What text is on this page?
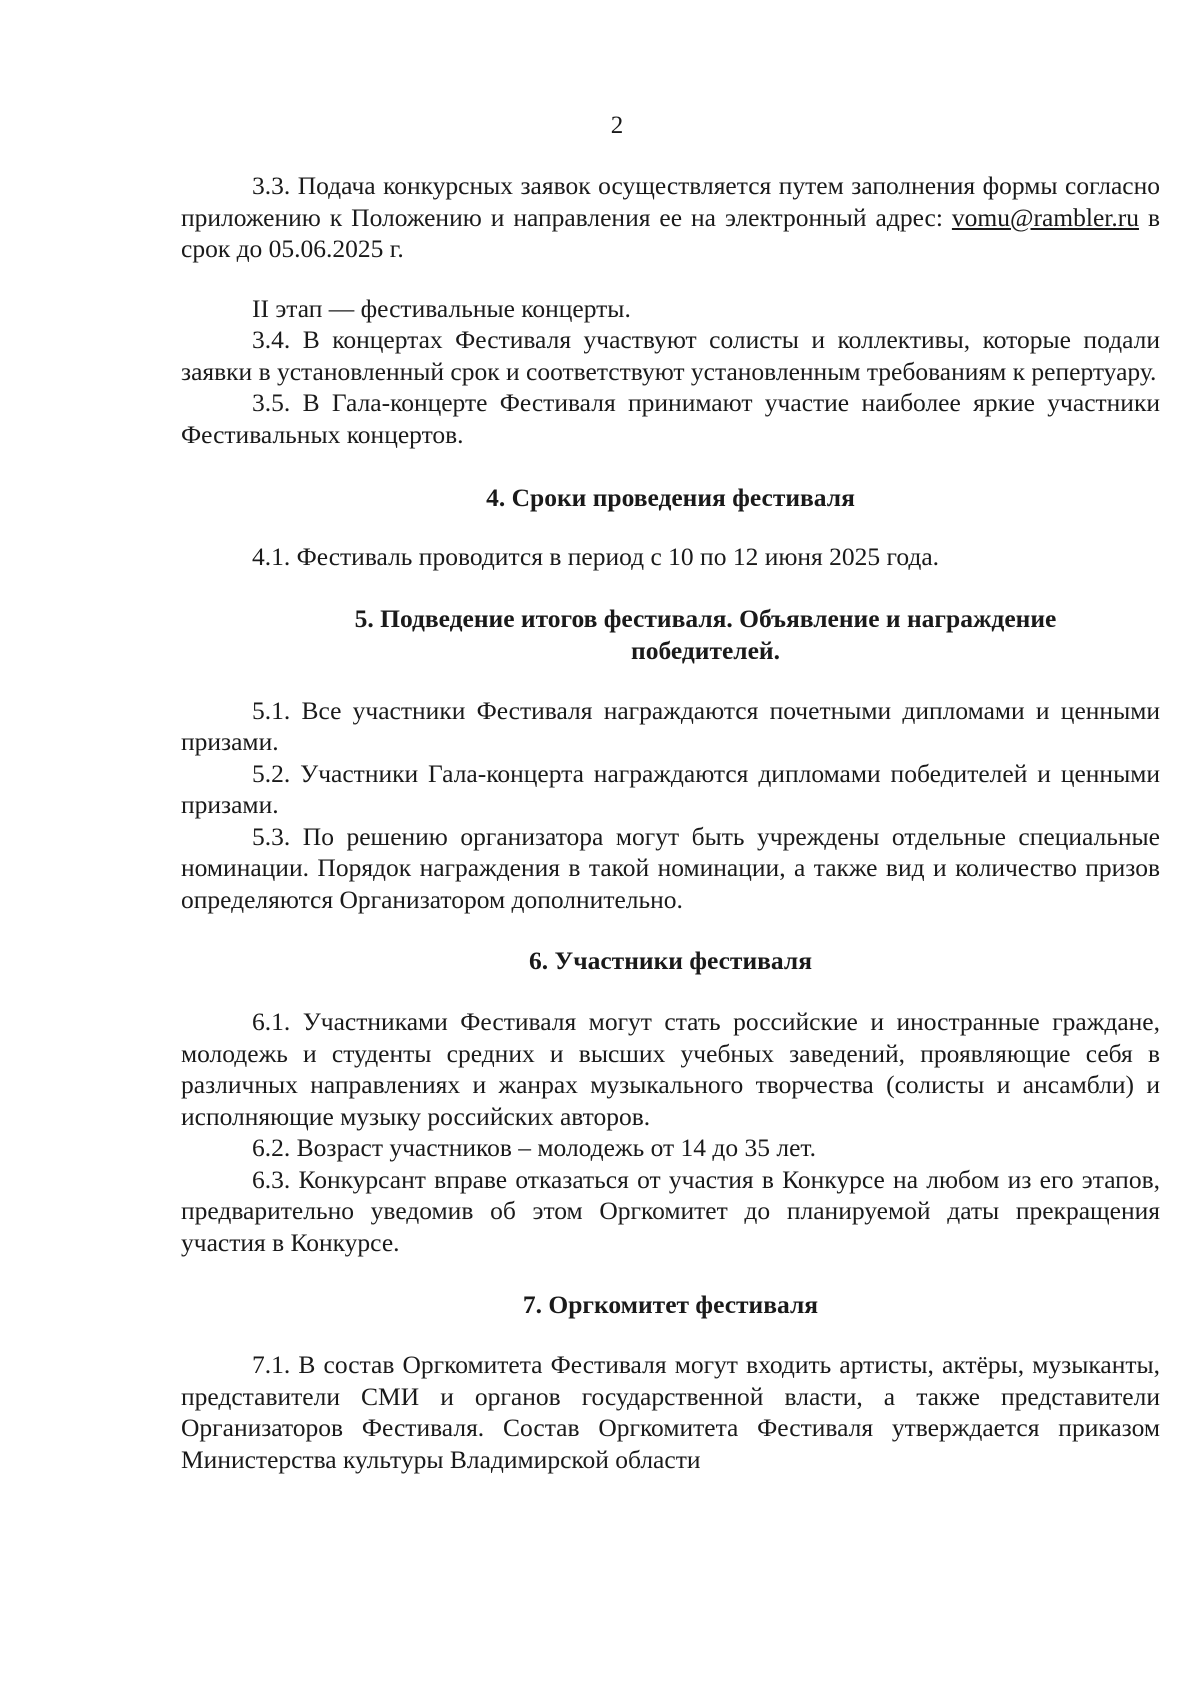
2

3.3. Подача конкурсных заявок осуществляется путем заполнения формы согласно приложению к Положению и направления ее на электронный адрес: vomu@rambler.ru в срок до 05.06.2025 г.

II этап — фестивальные концерты.

3.4. В концертах Фестиваля участвуют солисты и коллективы, которые подали заявки в установленный срок и соответствуют установленным требованиям к репертуару.

3.5. В Гала-концерте Фестиваля принимают участие наиболее яркие участники Фестивальных концертов.

4. Сроки проведения фестиваля

4.1. Фестиваль проводится в период с 10 по 12 июня 2025 года.

5. Подведение итогов фестиваля. Объявление и награждение победителей.

5.1. Все участники Фестиваля награждаются почетными дипломами и ценными призами.

5.2. Участники Гала-концерта награждаются дипломами победителей и ценными призами.

5.3. По решению организатора могут быть учреждены отдельные специальные номинации. Порядок награждения в такой номинации, а также вид и количество призов определяются Организатором дополнительно.

6. Участники фестиваля

6.1. Участниками Фестиваля могут стать российские и иностранные граждане, молодежь и студенты средних и высших учебных заведений, проявляющие себя в различных направлениях и жанрах музыкального творчества (солисты и ансамбли) и исполняющие музыку российских авторов.

6.2. Возраст участников – молодежь от 14 до 35 лет.

6.3. Конкурсант вправе отказаться от участия в Конкурсе на любом из его этапов, предварительно уведомив об этом Оргкомитет до планируемой даты прекращения участия в Конкурсе.

7. Оргкомитет фестиваля

7.1. В состав Оргкомитета Фестиваля могут входить артисты, актёры, музыканты, представители СМИ и органов государственной власти, а также представители Организаторов Фестиваля. Состав Оргкомитета Фестиваля утверждается приказом Министерства культуры Владимирской области
